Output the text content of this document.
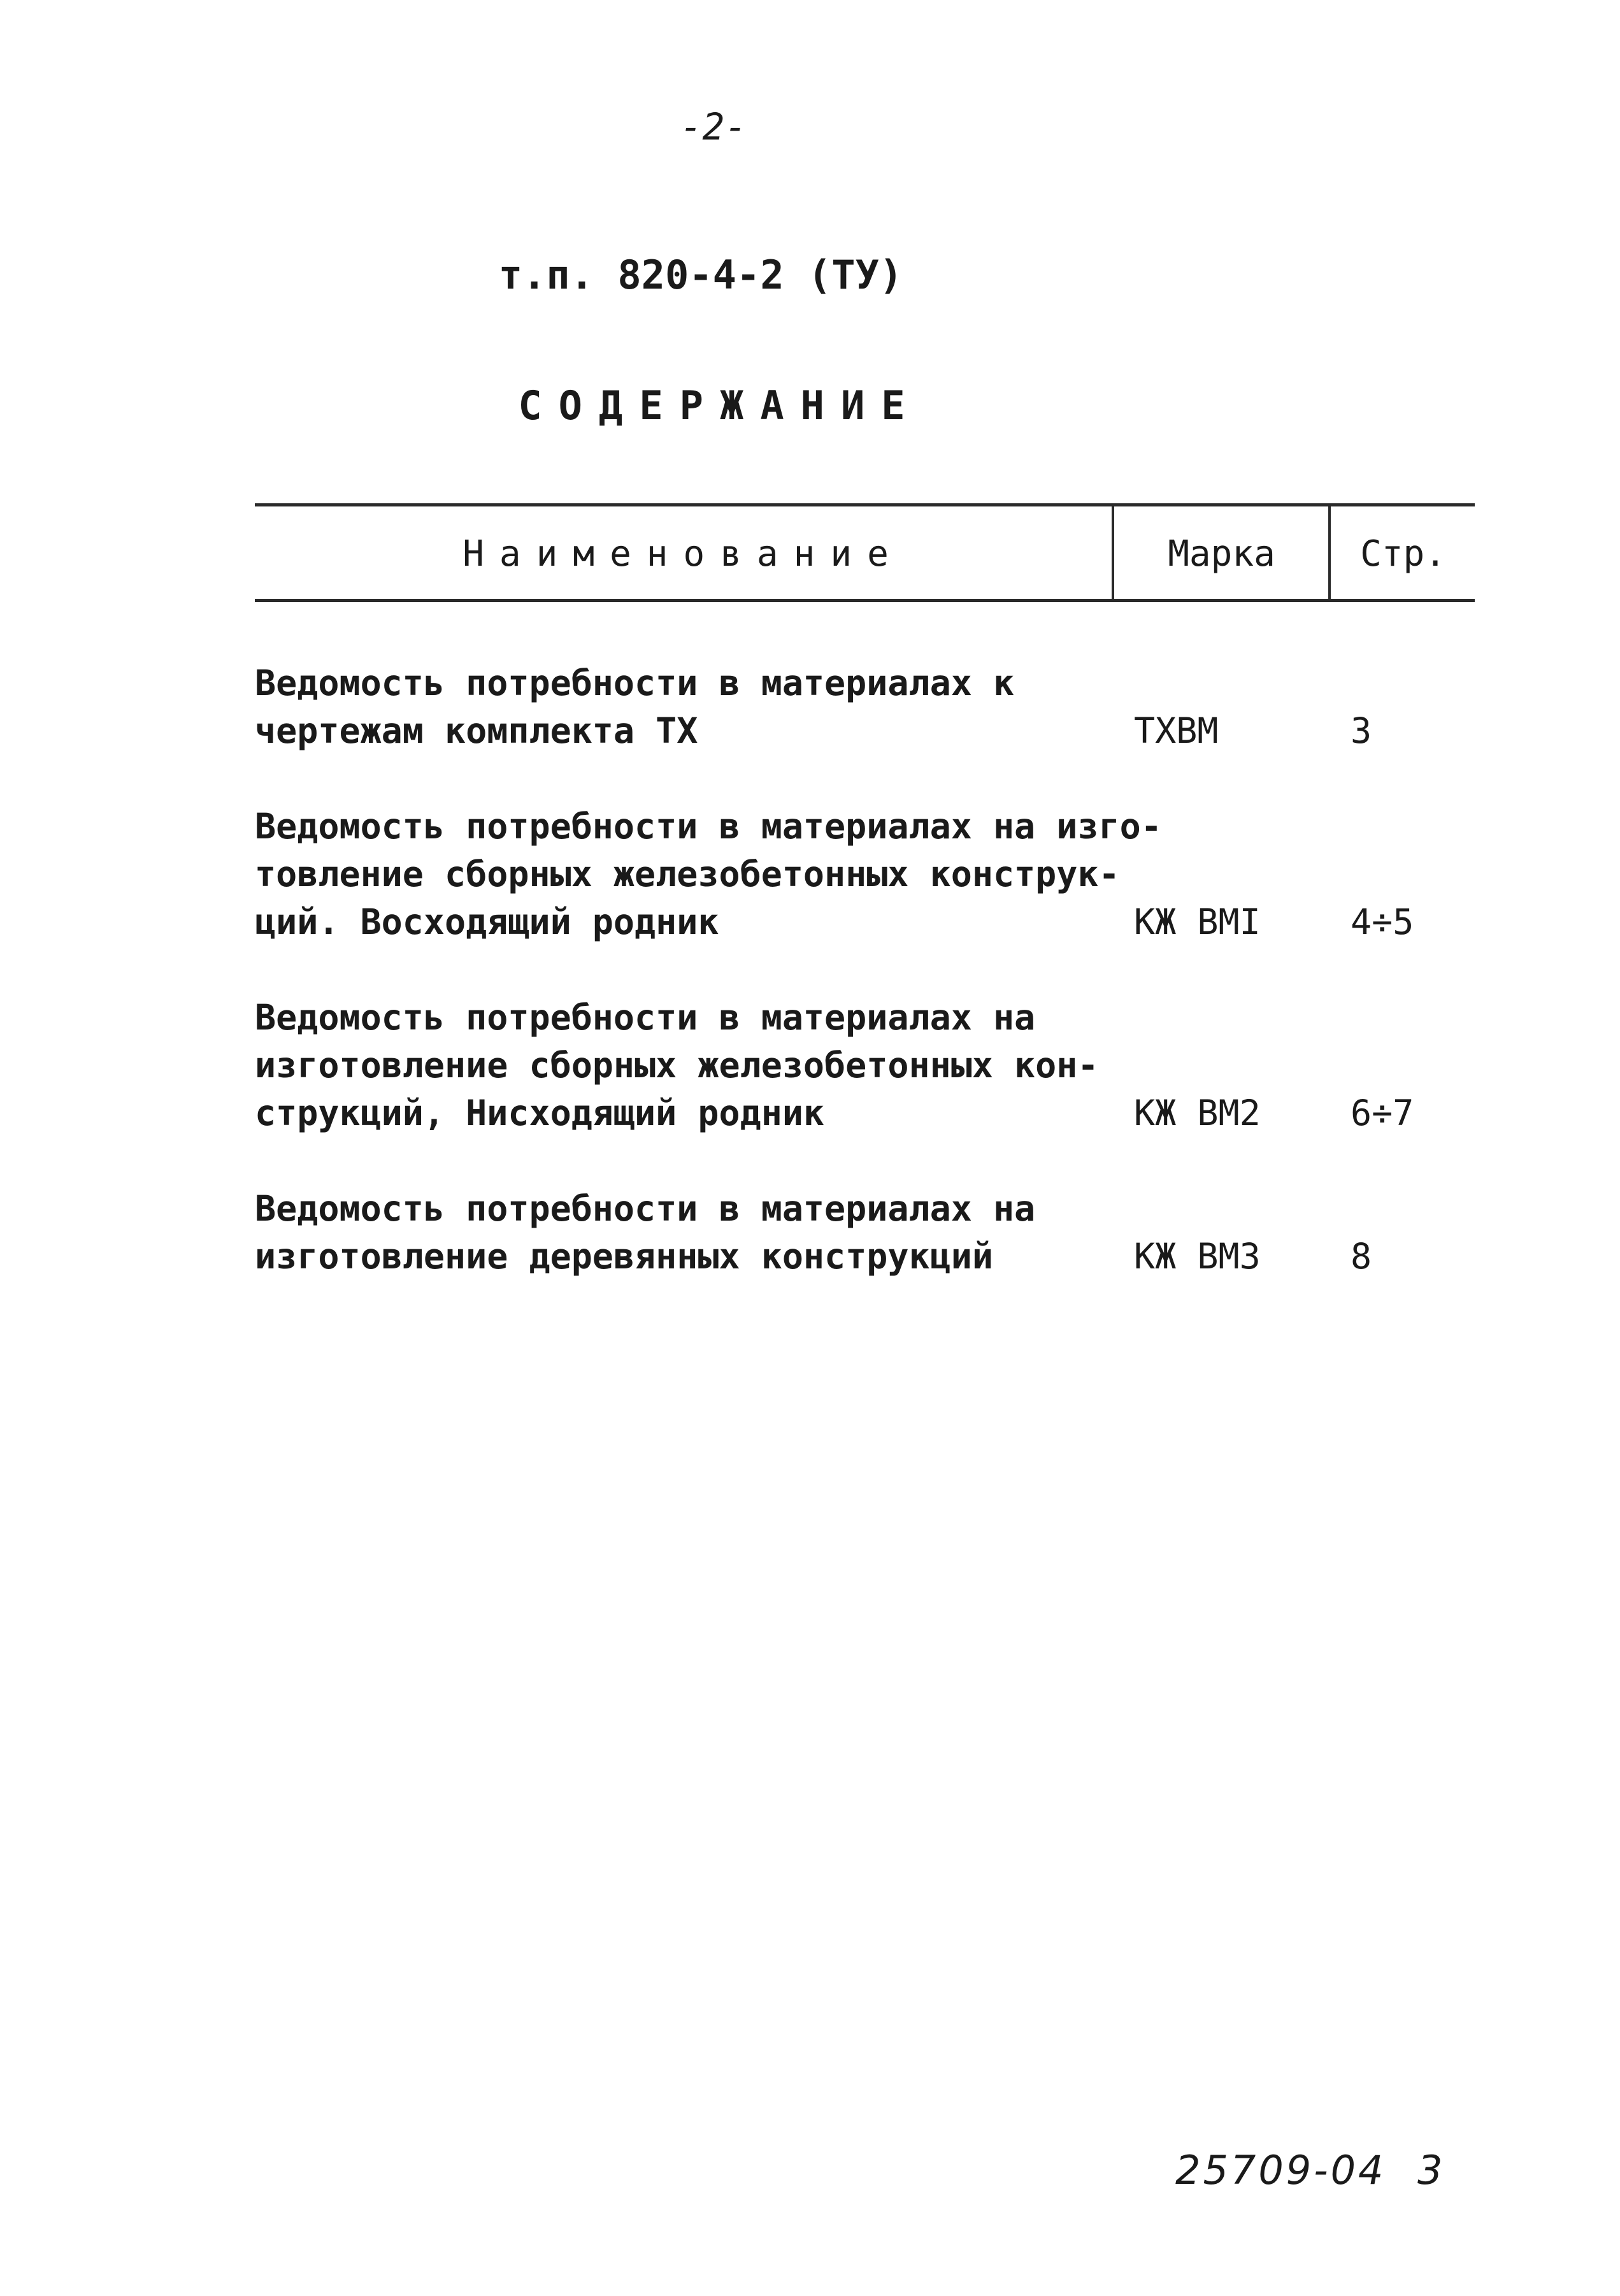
-2-
т.п. 820-4-2 (ТУ)
СОДЕРЖАНИЕ
Наименование	Марка	Стр.
Ведомость потребности в материалах к
чертежам комплекта ТХ	ТХВМ	3
Ведомость потребности в материалах на изго-
товление сборных железобетонных конструк-
ций. Восходящий родник	КЖ ВМI	4÷5
Ведомость потребности в материалах на
изготовление сборных железобетонных кон-
струкций, Нисходящий родник	КЖ ВМ2	6÷7
Ведомость потребности в материалах на
изготовление деревянных конструкций	КЖ ВМ3	8
25709-04 3
